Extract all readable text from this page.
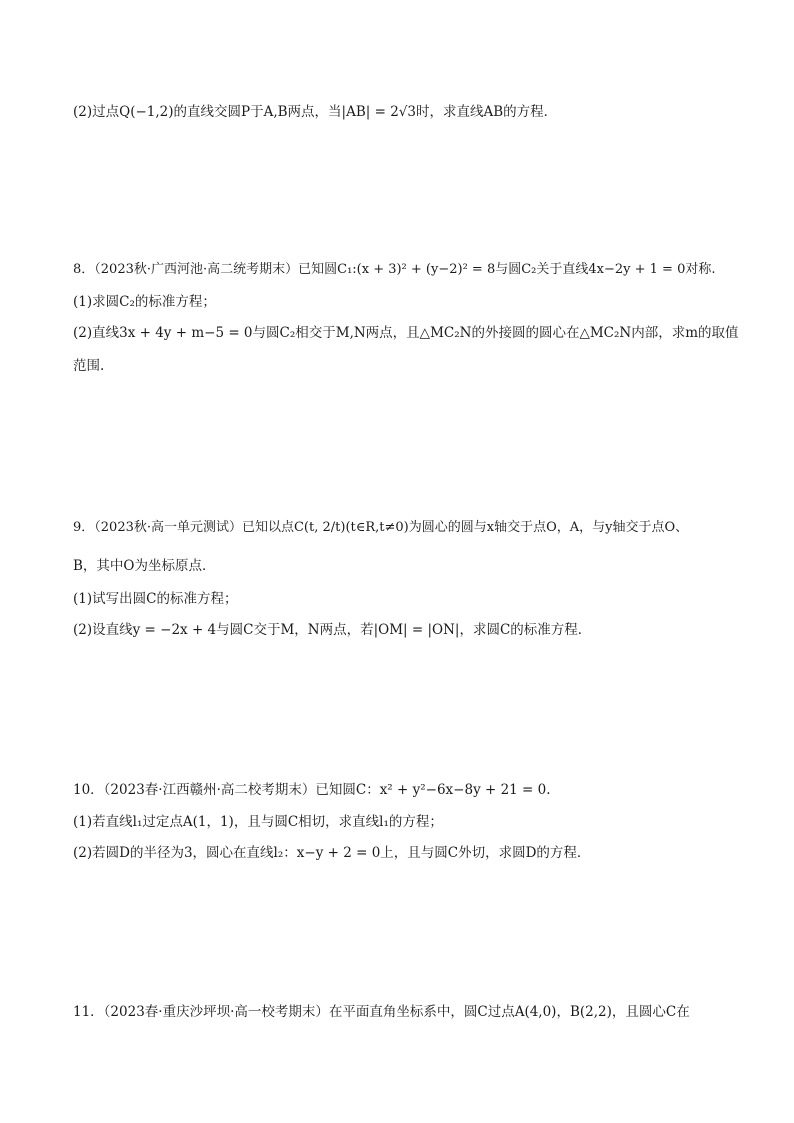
(2)过点Q(−1,2)的直线交圆P于A,B两点，当|AB| = 2√3时，求直线AB的方程．
8．（2023秋·广西河池·高二统考期末）已知圆C₁:(x + 3)² + (y−2)² = 8与圆C₂关于直线4x−2y + 1 = 0对称.
(1)求圆C₂的标准方程；
(2)直线3x + 4y + m−5 = 0与圆C₂相交于M,N两点，且△MC₂N的外接圆的圆心在△MC₂N内部，求m的取值
范围.
9．（2023秋·高一单元测试）已知以点C(t, 2/t)(t∈R,t≠0)为圆心的圆与x轴交于点O，A，与y轴交于点O、
B，其中O为坐标原点．
(1)试写出圆C的标准方程；
(2)设直线y = −2x + 4与圆C交于M，N两点，若|OM| = |ON|，求圆C的标准方程．
10．（2023春·江西赣州·高二校考期末）已知圆C：x² + y²−6x−8y + 21 = 0.
(1)若直线l₁过定点A(1，1)，且与圆C相切，求直线l₁的方程；
(2)若圆D的半径为3，圆心在直线l₂：x−y + 2 = 0上，且与圆C外切，求圆D的方程．
11．（2023春·重庆沙坪坝·高一校考期末）在平面直角坐标系中，圆C过点A(4,0)，B(2,2)，且圆心C在
